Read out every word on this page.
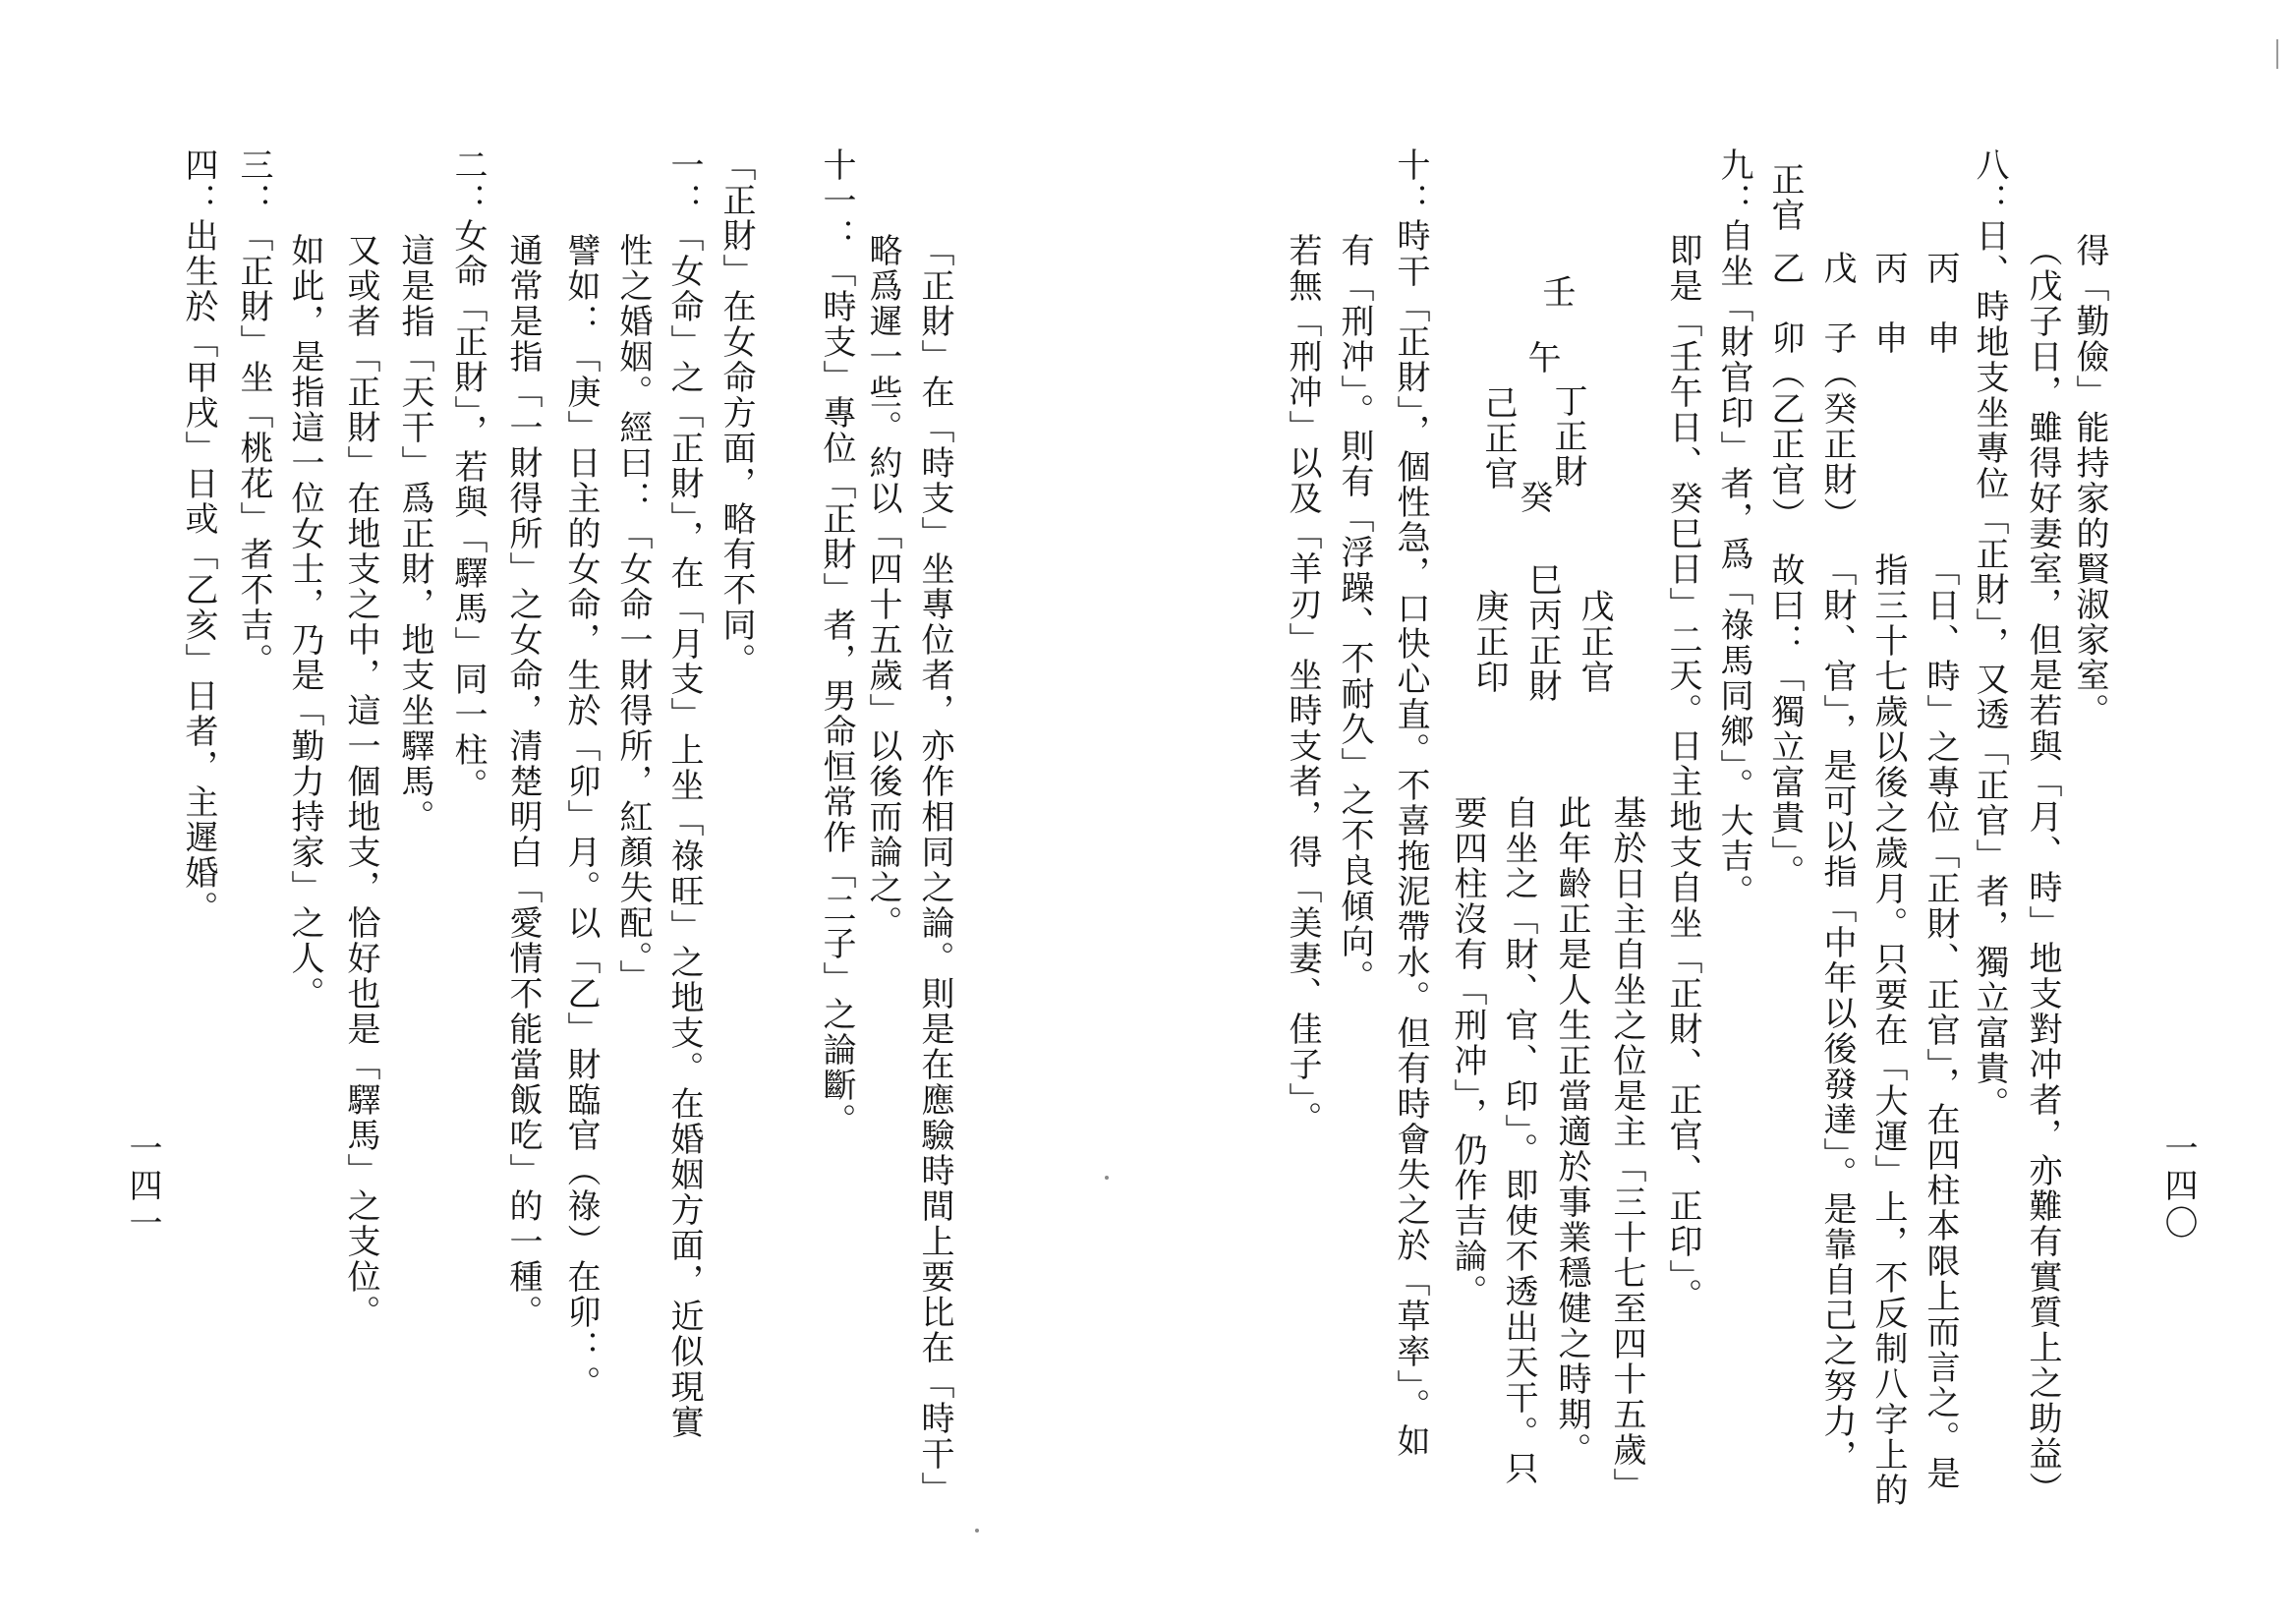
得「勤儉」能持家的賢淑家室。
（戊子日，雖得好妻室，但是若與「月、時」地支對冲者，亦難有實質上之助益）
八：日、時地支坐專位「正財」，又透「正官」者，獨立富貴。
丙
申
丙
申
戊
子（癸正財）
正官
乙
卯（乙正官）
「日、時」之專位「正財、正官」，在四柱本限上而言之。是
指三十七歲以後之歲月。只要在「大運」上，不反制八字上的
「財、官」，是可以指「中年以後發達」。是靠自己之努力，
故曰：「獨立富貴」。
九：自坐「財官印」者，爲「祿馬同鄉」。大吉。
即是「壬午日、癸巳日」二天。日主地支自坐「正財、正官、正印」。
壬
午
丁正財
己正官
癸
巳丙正財 戊正官
庚正印
基於日主自坐之位是主「三十七至四十五歲」
此年齡正是人生正當適於事業穩健之時期。
自坐之「財、官、印」。即使不透出天干。只
要四柱沒有「刑冲」，仍作吉論。
十：時干「正財」，個性急，口快心直。不喜拖泥帶水。但有時會失之於「草率」。如
有「刑冲」。則有「浮躁、不耐久」之不良傾向。
若無「刑冲」以及「羊刃」坐時支者，得「美妻、佳子」。
一四〇
「正財」在「時支」坐專位者，亦作相同之論。則是在應驗時間上要比在「時干」
略爲遲一些。約以「四十五歲」以後而論之。
十一：「時支」專位「正財」者，男命恒常作「二子」之論斷。
「正財」在女命方面，略有不同。
一：「女命」之「正財」，在「月支」上坐「祿旺」之地支。在婚姻方面，近似現實
性之婚姻。經曰：「女命一財得所，紅顏失配。」
譬如：「庚」日主的女命，生於「卯」月。以「乙」財臨官（祿）在卯：。
通常是指「一財得所」之女命，清楚明白「愛情不能當飯吃」的一種。
二：女命「正財」，若與「驛馬」同一柱。
這是指「天干」爲正財，地支坐驛馬。
又或者「正財」在地支之中，這一個地支，恰好也是「驛馬」之支位。
如此，是指這一位女士，乃是「勤力持家」之人。
三：「正財」坐「桃花」者不吉。
四：出生於「甲戌」日或「乙亥」日者，主遲婚。
一四一
